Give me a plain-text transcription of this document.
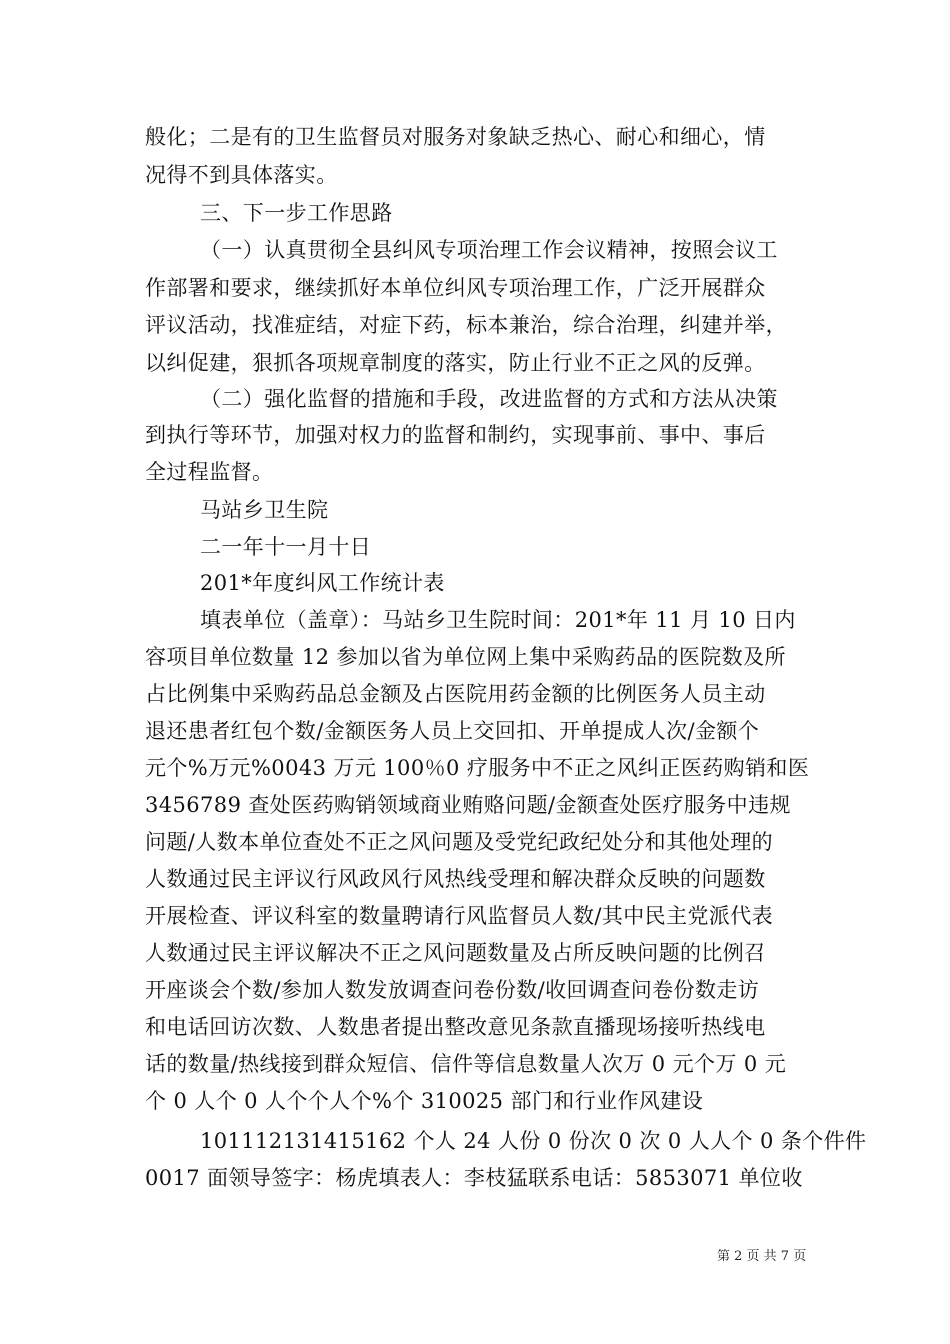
般化；二是有的卫生监督员对服务对象缺乏热心、耐心和细心，情
况得不到具体落实。
三、下一步工作思路
（一）认真贯彻全县纠风专项治理工作会议精神，按照会议工
作部署和要求，继续抓好本单位纠风专项治理工作，广泛开展群众
评议活动，找准症结，对症下药，标本兼治，综合治理，纠建并举，
以纠促建，狠抓各项规章制度的落实，防止行业不正之风的反弹。
（二）强化监督的措施和手段，改进监督的方式和方法从决策
到执行等环节，加强对权力的监督和制约，实现事前、事中、事后
全过程监督。
马站乡卫生院
二一年十一月十日
201*年度纠风工作统计表
填表单位（盖章）：马站乡卫生院时间：201*年 11 月 10 日内
容项目单位数量 12 参加以省为单位网上集中采购药品的医院数及所
占比例集中采购药品总金额及占医院用药金额的比例医务人员主动
退还患者红包个数/金额医务人员上交回扣、开单提成人次/金额个
元个%万元%0043 万元 100％0 疗服务中不正之风纠正医药购销和医
3456789 查处医药购销领域商业贿赂问题/金额查处医疗服务中违规
问题/人数本单位查处不正之风问题及受党纪政纪处分和其他处理的
人数通过民主评议行风政风行风热线受理和解决群众反映的问题数
开展检查、评议科室的数量聘请行风监督员人数/其中民主党派代表
人数通过民主评议解决不正之风问题数量及占所反映问题的比例召
开座谈会个数/参加人数发放调查问卷份数/收回调查问卷份数走访
和电话回访次数、人数患者提出整改意见条款直播现场接听热线电
话的数量/热线接到群众短信、信件等信息数量人次万 0 元个万 0 元
个 0 人个 0 人个个人个%个 310025 部门和行业作风建设
101112131415162 个人 24 人份 0 份次 0 次 0 人人个 0 条个件件
0017 面领导签字：杨虎填表人：李枝猛联系电话：5853071 单位收
第 2 页 共 7 页
